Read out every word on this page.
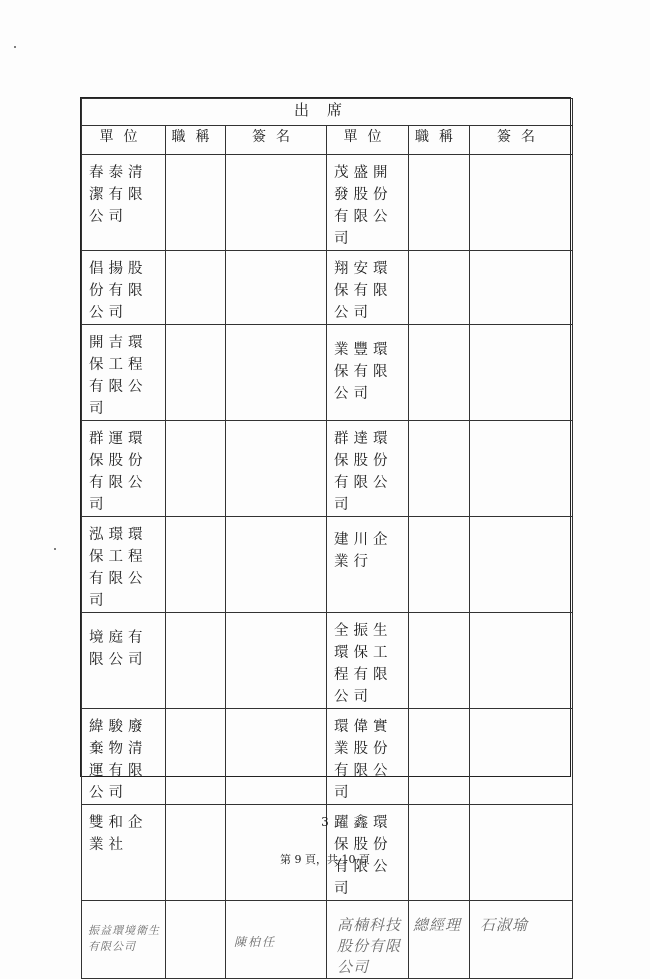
出席					
單位	職稱	簽名	單位	職稱	簽名

春泰清潔有限公司			茂盛開發股份有限公司		

倡揚股份有限公司			翔安環保有限公司		

開吉環保工程有限公司			業豐環保有限公司		

群運環保股份有限公司			群達環保股份有限公司		

泓璟環保工程有限公司			建川企業行		

境庭有限公司			全振生環保工程有限公司		

緯駿廢棄物清運有限公司			環偉實業股份有限公司		

雙和企業社			躍鑫環保股份有限公司		

振益環境衛生有限公司		陳柏任	高楠科技股份有限公司	總經理	石淑瑜
3
第 9 頁，共 10 頁
